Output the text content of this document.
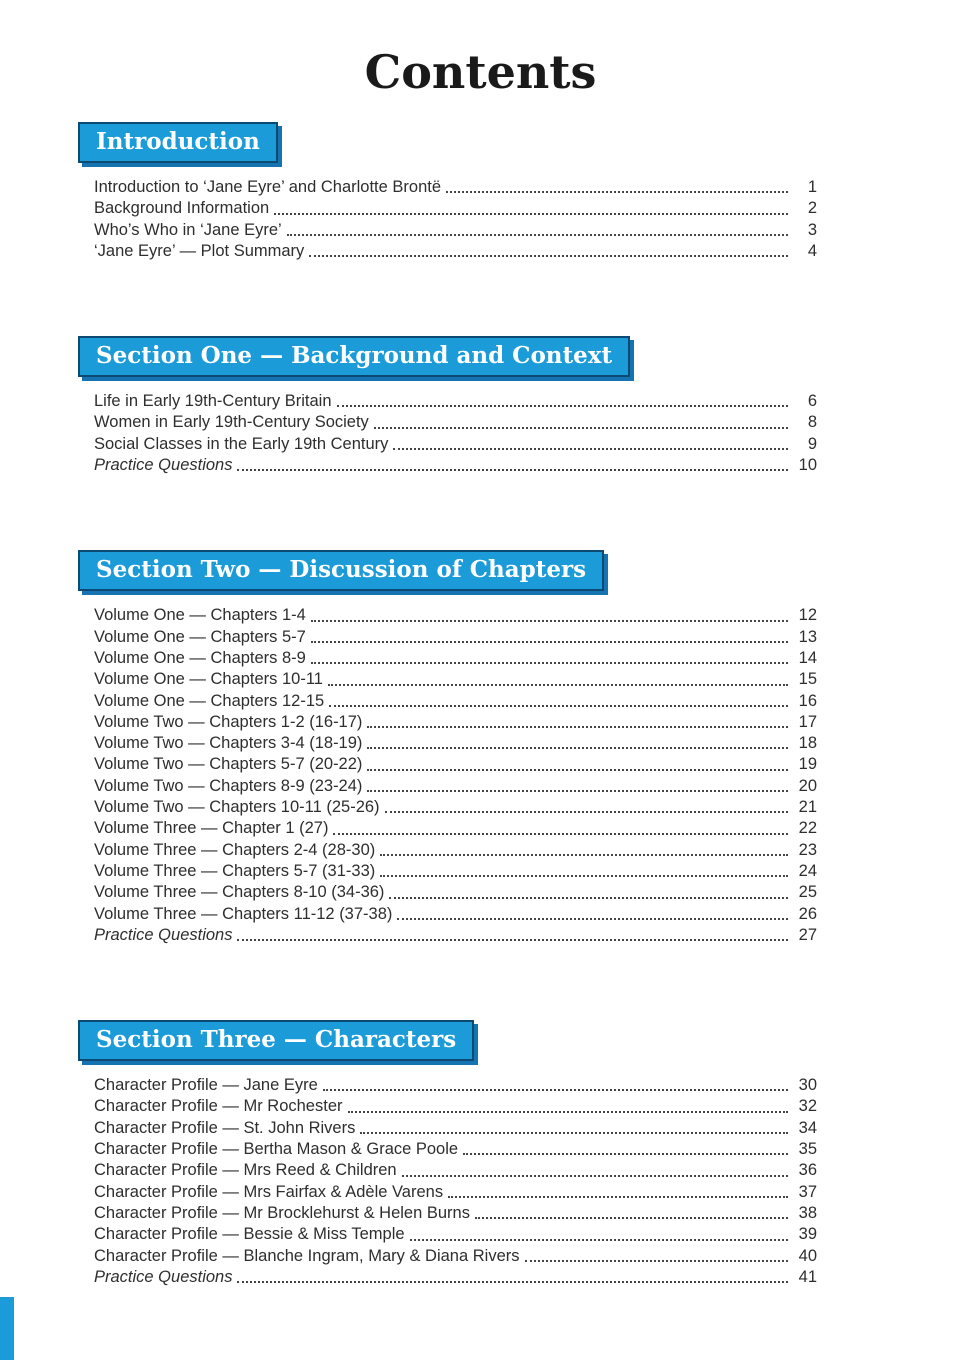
Contents
Introduction
Introduction to ‘Jane Eyre’ and Charlotte Brontë	1
Background Information	2
Who’s Who in ‘Jane Eyre’	3
‘Jane Eyre’ — Plot Summary	4
Section One — Background and Context
Life in Early 19th-Century Britain	6
Women in Early 19th-Century Society	8
Social Classes in the Early 19th Century	9
Practice Questions	10
Section Two — Discussion of Chapters
Volume One — Chapters 1-4	12
Volume One — Chapters 5-7	13
Volume One — Chapters 8-9	14
Volume One — Chapters 10-11	15
Volume One — Chapters 12-15	16
Volume Two — Chapters 1-2 (16-17)	17
Volume Two — Chapters 3-4 (18-19)	18
Volume Two — Chapters 5-7 (20-22)	19
Volume Two — Chapters 8-9 (23-24)	20
Volume Two — Chapters 10-11 (25-26)	21
Volume Three — Chapter 1 (27)	22
Volume Three — Chapters 2-4 (28-30)	23
Volume Three — Chapters 5-7 (31-33)	24
Volume Three — Chapters 8-10 (34-36)	25
Volume Three — Chapters 11-12 (37-38)	26
Practice Questions	27
Section Three — Characters
Character Profile — Jane Eyre	30
Character Profile — Mr Rochester	32
Character Profile — St. John Rivers	34
Character Profile — Bertha Mason & Grace Poole	35
Character Profile — Mrs Reed & Children	36
Character Profile — Mrs Fairfax & Adèle Varens	37
Character Profile — Mr Brocklehurst & Helen Burns	38
Character Profile — Bessie & Miss Temple	39
Character Profile — Blanche Ingram, Mary & Diana Rivers	40
Practice Questions	41
